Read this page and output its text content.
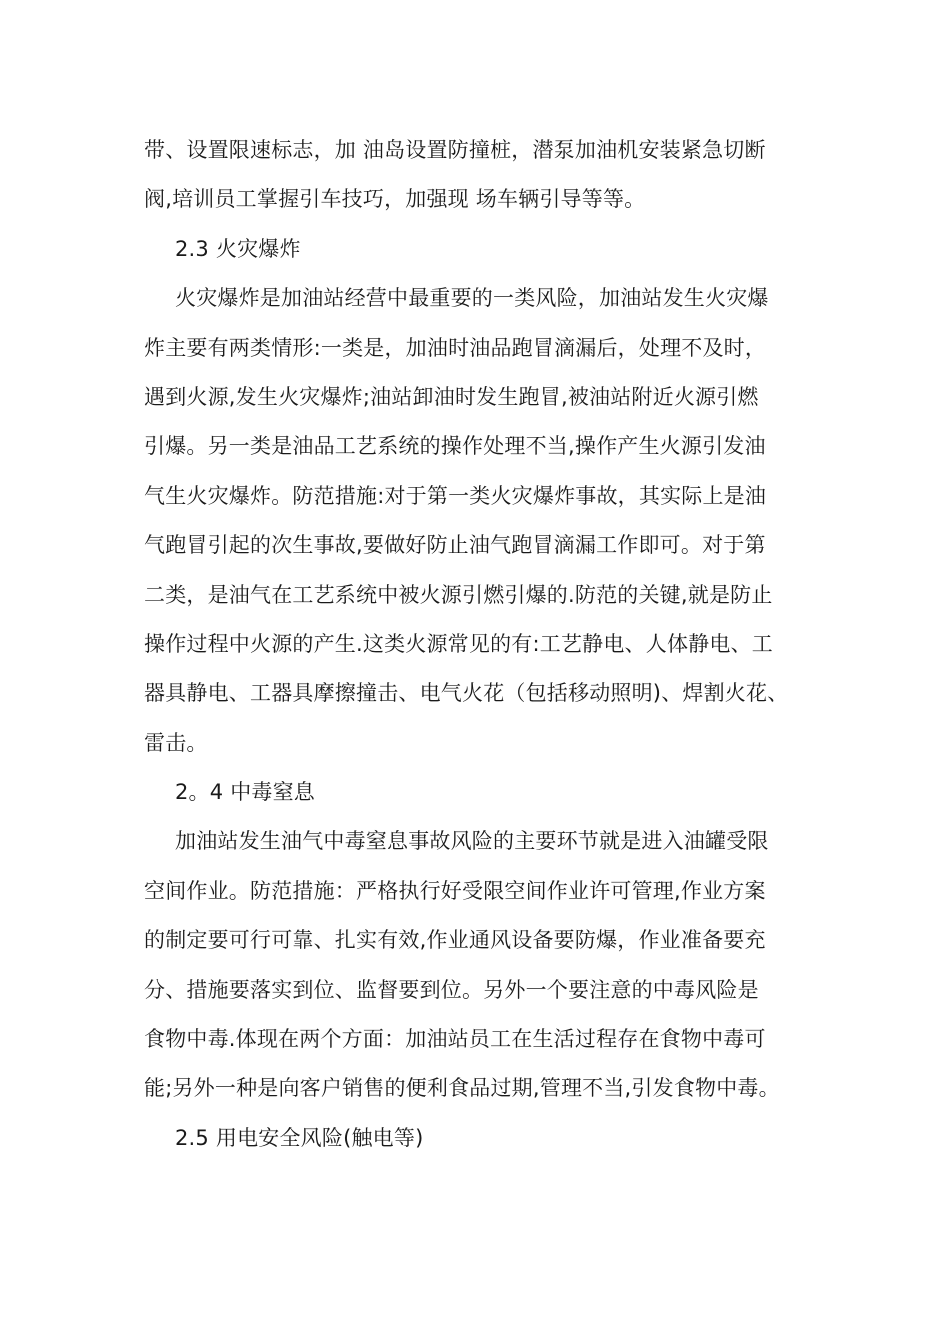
带、设置限速标志，加 油岛设置防撞桩，潜泵加油机安装紧急切断
阀,培训员工掌握引车技巧，加强现 场车辆引导等等。
2.3 火灾爆炸
火灾爆炸是加油站经营中最重要的一类风险，加油站发生火灾爆
炸主要有两类情形:一类是，加油时油品跑冒滴漏后，处理不及时，
遇到火源,发生火灾爆炸;油站卸油时发生跑冒,被油站附近火源引燃
引爆。另一类是油品工艺系统的操作处理不当,操作产生火源引发油
气生火灾爆炸。防范措施:对于第一类火灾爆炸事故，其实际上是油
气跑冒引起的次生事故,要做好防止油气跑冒滴漏工作即可。对于第
二类，是油气在工艺系统中被火源引燃引爆的.防范的关键,就是防止
操作过程中火源的产生.这类火源常见的有:工艺静电、人体静电、工
器具静电、工器具摩擦撞击、电气火花（包括移动照明)、焊割火花、
雷击。
2。4 中毒窒息
加油站发生油气中毒窒息事故风险的主要环节就是进入油罐受限
空间作业。防范措施：严格执行好受限空间作业许可管理,作业方案
的制定要可行可靠、扎实有效,作业通风设备要防爆，作业准备要充
分、措施要落实到位、监督要到位。另外一个要注意的中毒风险是
食物中毒.体现在两个方面：加油站员工在生活过程存在食物中毒可
能;另外一种是向客户销售的便利食品过期,管理不当,引发食物中毒。
2.5 用电安全风险(触电等)
